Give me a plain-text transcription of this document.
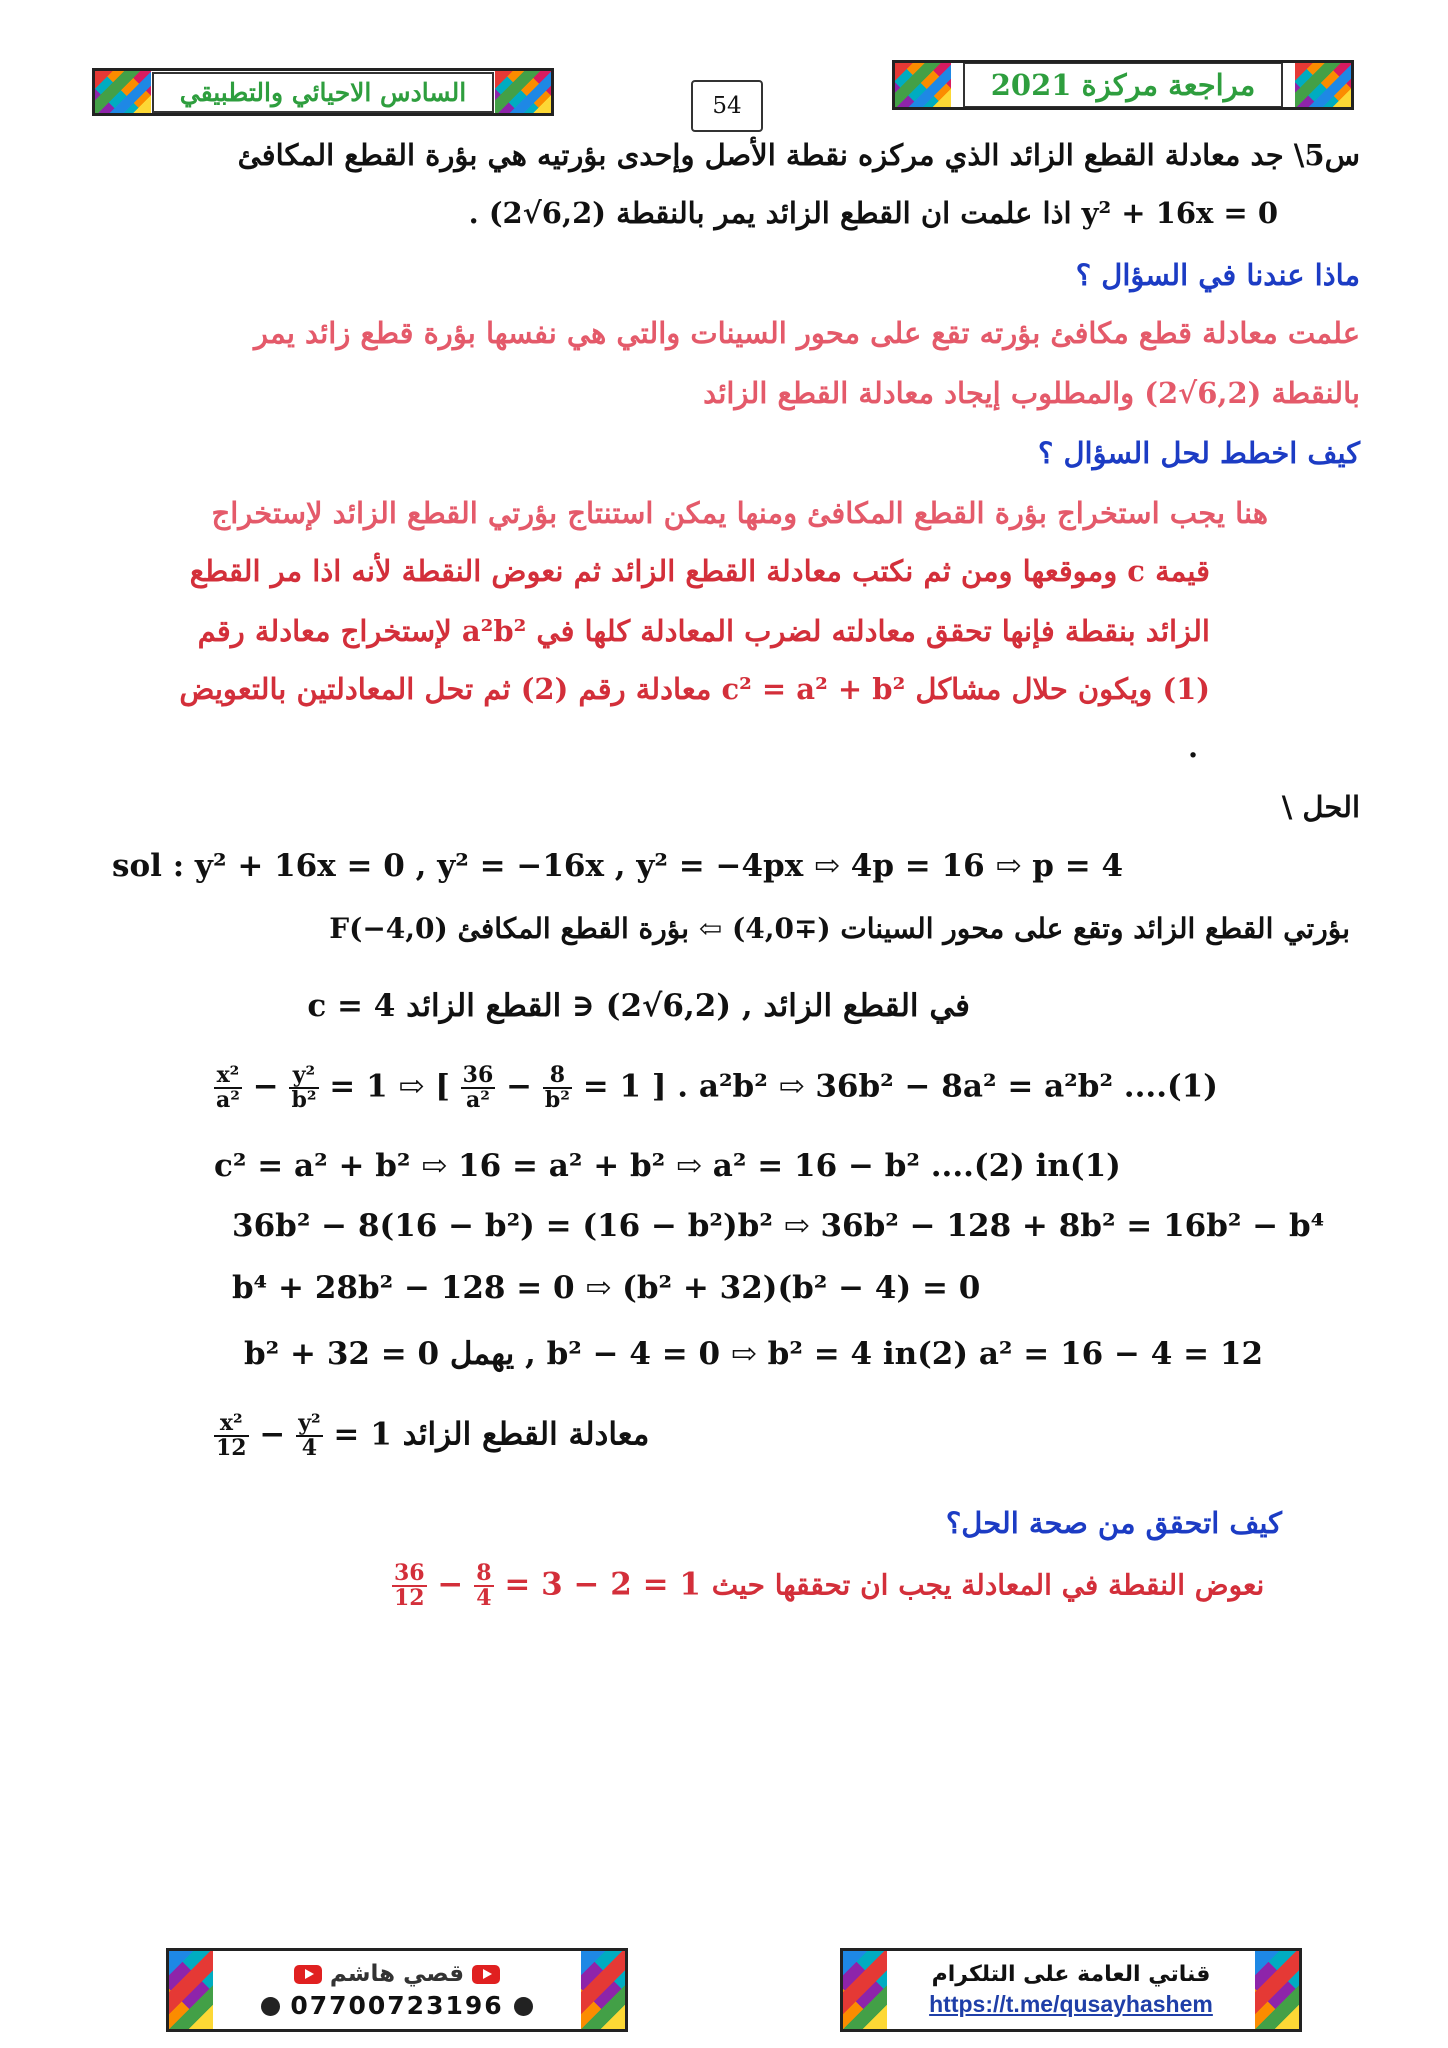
السادس الاحيائي والتطبيقي	54
مراجعة مركزة 2021
س5\ جد معادلة القطع الزائد الذي مركزه نقطة الأصل وإحدى بؤرتيه هي بؤرة القطع المكافئ
y² + 16x = 0 اذا علمت ان القطع الزائد يمر بالنقطة (6,2√2) .
ماذا عندنا في السؤال ؟
علمت معادلة قطع مكافئ بؤرته تقع على محور السينات والتي هي نفسها بؤرة قطع زائد يمر
بالنقطة (6,2√2) والمطلوب إيجاد معادلة القطع الزائد
كيف اخطط لحل السؤال ؟
هنا يجب استخراج بؤرة القطع المكافئ ومنها يمكن استنتاج بؤرتي القطع الزائد لإستخراج
قيمة c وموقعها ومن ثم نكتب معادلة القطع الزائد ثم نعوض النقطة لأنه اذا مر القطع
الزائد بنقطة فإنها تحقق معادلته لضرب المعادلة كلها في a²b² لإستخراج معادلة رقم
(1) ويكون حلال مشاكل c² = a² + b² معادلة رقم (2) ثم تحل المعادلتين بالتعويض
.
الحل \
sol : y² + 16x = 0 , y² = −16x , y² = −4px ⇨ 4p = 16 ⇨ p = 4
بؤرتي القطع الزائد وتقع على محور السينات (∓4,0) ⇦ بؤرة القطع المكافئ F(−4,0)
c = 4 في القطع الزائد , (6,2√2) ∈ القطع الزائد
$\frac{\text{x²}}{\text{a²}} - \frac{\text{y²}}{\text{b²}} = 1$ ⇨ [ $\frac{36}{\text{a²}} - \frac{8}{\text{b²}} = 1$ ] . a²b² ⇨ 36b² − 8a² = a²b² ....(1)
c² = a² + b² ⇨ 16 = a² + b² ⇨ a² = 16 − b² ....(2) in(1)
36b² − 8(16 − b²) = (16 − b²)b² ⇨ 36b² − 128 + 8b² = 16b² − b⁴
b⁴ + 28b² − 128 = 0 ⇨ (b² + 32)(b² − 4) = 0
b² + 32 = 0 يهمل , b² − 4 = 0 ⇨ b² = 4 in(2) a² = 16 − 4 = 12
$\frac{\text{x²}}{12} - \frac{\text{y²}}{4} = 1$ معادلة القطع الزائد
كيف اتحقق من صحة الحل؟
$\frac{36}{12} - \frac{8}{4} = 3 - 2 = 1$ نعوض النقطة في المعادلة يجب ان تحققها حيث
قصي هاشم
07700723196
قناتي العامة على التلكرام
https://t.me/qusayhashem
